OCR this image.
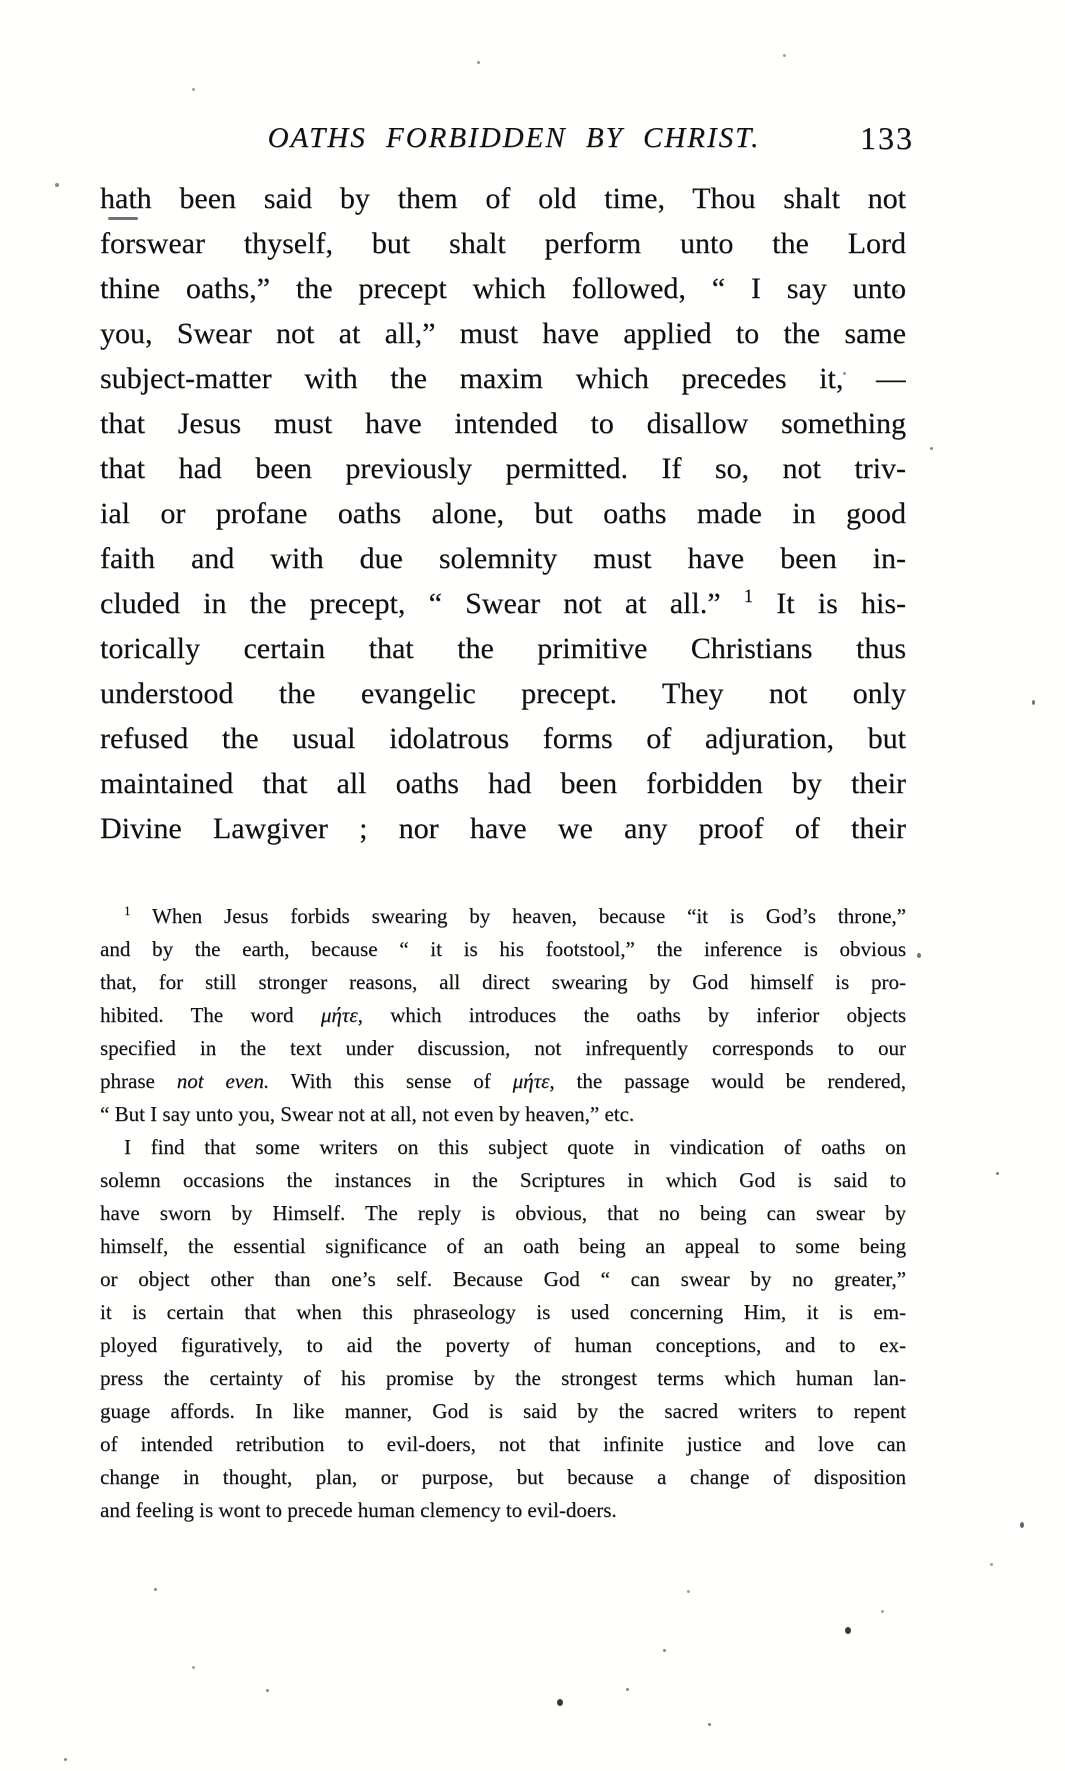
OATHS FORBIDDEN BY CHRIST.	133
hath been said by them of old time, Thou shalt not
forswear thyself, but shalt perform unto the Lord
thine oaths,” the precept which followed, “ I say unto
you, Swear not at all,” must have applied to the same
subject-matter with the maxim which precedes it, —
that Jesus must have intended to disallow something
that had been previously permitted. If so, not triv-
ial or profane oaths alone, but oaths made in good
faith and with due solemnity must have been in-
cluded in the precept, “ Swear not at all.” $^1$ It is his-
torically certain that the primitive Christians thus
understood the evangelic precept. They not only
refused the usual idolatrous forms of adjuration, but
maintained that all oaths had been forbidden by their
Divine Lawgiver ; nor have we any proof of their
$^1$ When Jesus forbids swearing by heaven, because “it is God’s throne,”
and by the earth, because “ it is his footstool,” the inference is obvious
that, for still stronger reasons, all direct swearing by God himself is pro-
hibited. The word μήτε, which introduces the oaths by inferior objects
specified in the text under discussion, not infrequently corresponds to our
phrase not even. With this sense of μήτε, the passage would be rendered,
“ But I say unto you, Swear not at all, not even by heaven,” etc.
I find that some writers on this subject quote in vindication of oaths on
solemn occasions the instances in the Scriptures in which God is said to
have sworn by Himself. The reply is obvious, that no being can swear by
himself, the essential significance of an oath being an appeal to some being
or object other than one’s self. Because God “ can swear by no greater,”
it is certain that when this phraseology is used concerning Him, it is em-
ployed figuratively, to aid the poverty of human conceptions, and to ex-
press the certainty of his promise by the strongest terms which human lan-
guage affords. In like manner, God is said by the sacred writers to repent
of intended retribution to evil-doers, not that infinite justice and love can
change in thought, plan, or purpose, but because a change of disposition
and feeling is wont to precede human clemency to evil-doers.
